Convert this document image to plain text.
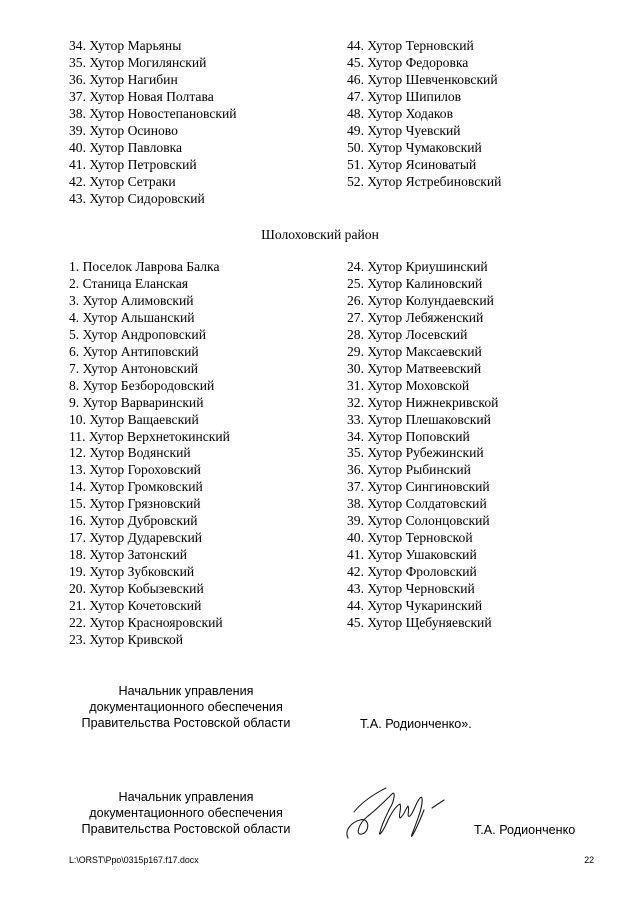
34. Хутор Марьяны
35. Хутор Могилянский
36. Хутор Нагибин
37. Хутор Новая Полтава
38. Хутор Новостепановский
39. Хутор Осиново
40. Хутор Павловка
41. Хутор Петровский
42. Хутор Сетраки
43. Хутор Сидоровский
44. Хутор Терновский
45. Хутор Федоровка
46. Хутор Шевченковский
47. Хутор Шипилов
48. Хутор Ходаков
49. Хутор Чуевский
50. Хутор Чумаковский
51. Хутор Ясиноватый
52. Хутор Ястребиновский
Шолоховский район
1. Поселок Лаврова Балка
2. Станица Еланская
3. Хутор Алимовский
4. Хутор Альшанский
5. Хутор Андроповский
6. Хутор Антиповский
7. Хутор Антоновский
8. Хутор Безбородовский
9. Хутор Варваринский
10. Хутор Ващаевский
11. Хутор Верхнетокинский
12. Хутор Водянский
13. Хутор Гороховский
14. Хутор Громковский
15. Хутор Грязновский
16. Хутор Дубровский
17. Хутор Дударевский
18. Хутор Затонский
19. Хутор Зубковский
20. Хутор Кобызевский
21. Хутор Кочетовский
22. Хутор Краснояровский
23. Хутор Кривской
24. Хутор Криушинский
25. Хутор Калиновский
26. Хутор Колундаевский
27. Хутор Лебяженский
28. Хутор Лосевский
29. Хутор Максаевский
30. Хутор Матвеевский
31. Хутор Моховской
32. Хутор Нижнекривской
33. Хутор Плешаковский
34. Хутор Поповский
35. Хутор Рубежинский
36. Хутор Рыбинский
37. Хутор Сингиновский
38. Хутор Солдатовский
39. Хутор Солонцовский
40. Хутор Терновской
41. Хутор Ушаковский
42. Хутор Фроловский
43. Хутор Черновский
44. Хутор Чукаринский
45. Хутор Щебуняевский
Начальник управления
документационного обеспечения
Правительства Ростовской области	Т.А. Родионченко».
Начальник управления
документационного обеспечения
Правительства Ростовской области	Т.А. Родионченко
L:\ORST\Ppo\0315p167.f17.docx	22
